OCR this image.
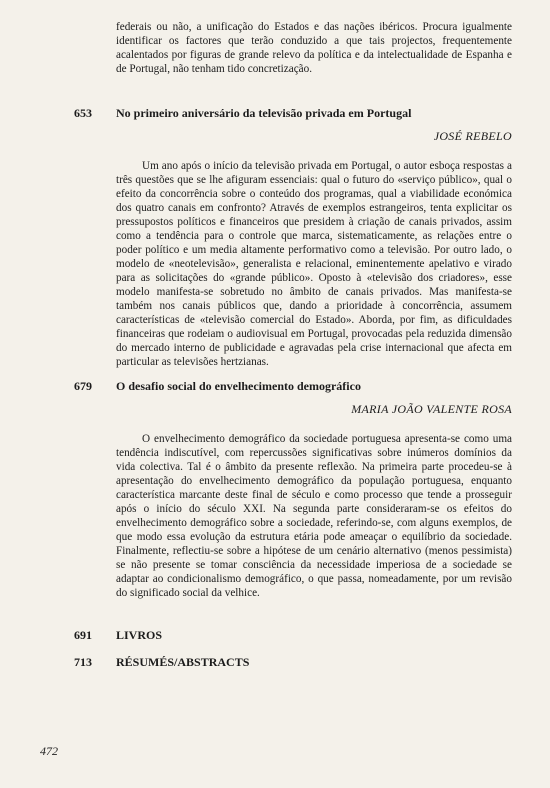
federais ou não, a unificação do Estados e das nações ibéricos. Procura igualmente identificar os factores que terão conduzido a que tais projectos, frequentemente acalentados por figuras de grande relevo da política e da intelectualidade de Espanha e de Portugal, não tenham tido concretização.

653 No primeiro aniversário da televisão privada em Portugal
JOSÉ REBELO

Um ano após o início da televisão privada em Portugal, o autor esboça respostas a três questões que se lhe afiguram essenciais: qual o futuro do «serviço público», qual o efeito da concorrência sobre o conteúdo dos programas, qual a viabilidade económica dos quatro canais em confronto? Através de exemplos estrangeiros, tenta explicitar os pressupostos políticos e financeiros que presidem à criação de canais privados, assim como a tendência para o controle que marca, sistematicamente, as relações entre o poder político e um media altamente performativo como a televisão. Por outro lado, o modelo de «neotelevisão», generalista e relacional, eminentemente apelativo e virado para as solicitações do «grande público». Oposto à «televisão dos criadores», esse modelo manifesta-se sobretudo no âmbito de canais privados. Mas manifesta-se também nos canais públicos que, dando a prioridade à concorrência, assumem características de «televisão comercial do Estado». Aborda, por fim, as dificuldades financeiras que rodeiam o audiovisual em Portugal, provocadas pela reduzida dimensão do mercado interno de publicidade e agravadas pela crise internacional que afecta em particular as televisões hertzianas.

679 O desafio social do envelhecimento demográfico
MARIA JOÃO VALENTE ROSA

O envelhecimento demográfico da sociedade portuguesa apresenta-se como uma tendência indiscutível, com repercussões significativas sobre inúmeros domínios da vida colectiva. Tal é o âmbito da presente reflexão. Na primeira parte procedeu-se à apresentação do envelhecimento demográfico da população portuguesa, enquanto característica marcante deste final de século e como processo que tende a prosseguir após o início do século XXI. Na segunda parte consideraram-se os efeitos do envelhecimento demográfico sobre a sociedade, referindo-se, com alguns exemplos, de que modo essa evolução da estrutura etária pode ameaçar o equilíbrio da sociedade. Finalmente, reflectiu-se sobre a hipótese de um cenário alternativo (menos pessimista) se não presente se tomar consciência da necessidade imperiosa de a sociedade se adaptar ao condicionalismo demográfico, o que passa, nomeadamente, por um revisão do significado social da velhice.

691 LIVROS
713 RÉSUMÉS/ABSTRACTS
472
